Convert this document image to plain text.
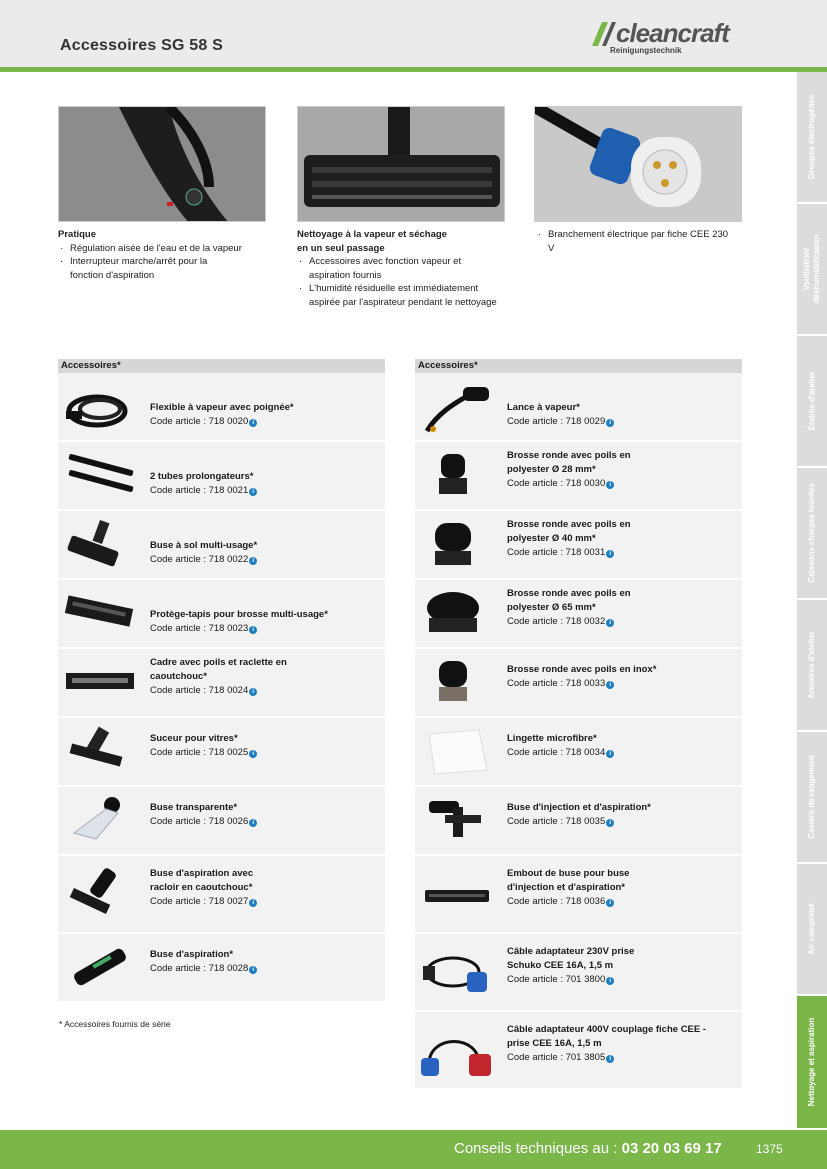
Accessoires SG 58 S	cleancraft
Reinigungstechnik
Groupes électrogènes
Ventilation/ déshumidification
Établis d'atelier
Caissons charges lourdes
Armoires d'atelier
Casiers de rangement
Air comprimé
Nettoyage et aspiration
Pratique
· Régulation aisée de l'eau et de la vapeur
· Interrupteur marche/arrêt pour la fonction d'aspiration
Nettoyage à la vapeur et séchage
en un seul passage
· Accessoires avec fonction vapeur et aspiration fournis
· L'humidité résiduelle est immédiatement aspirée par l'aspirateur pendant le nettoyage
· Branchement électrique par fiche CEE 230 V
Accessoires*
Flexible à vapeur avec poignée*
Code article : 718 0020 i
2 tubes prolongateurs*
Code article : 718 0021 i
Buse à sol multi-usage*
Code article : 718 0022 i
Protège-tapis pour brosse multi-usage*
Code article : 718 0023 i
Cadre avec poils et raclette en caoutchouc*
Code article : 718 0024 i
Suceur pour vitres*
Code article : 718 0025 i
Buse transparente*
Code article : 718 0026 i
Buse d'aspiration avec racloir en caoutchouc*
Code article : 718 0027 i
Buse d'aspiration*
Code article : 718 0028 i
* Accessoires fournis de série
Accessoires*
Lance à vapeur*
Code article : 718 0029 i
Brosse ronde avec poils en polyester Ø 28 mm*
Code article : 718 0030 i
Brosse ronde avec poils en polyester Ø 40 mm*
Code article : 718 0031 i
Brosse ronde avec poils en polyester Ø 65 mm*
Code article : 718 0032 i
Brosse ronde avec poils en inox*
Code article : 718 0033 i
Lingette microfibre*
Code article : 718 0034 i
Buse d'injection et d'aspiration*
Code article : 718 0035 i
Embout de buse pour buse d'injection et d'aspiration*
Code article : 718 0036 i
Câble adaptateur 230V prise Schuko CEE 16A, 1,5 m
Code article : 701 3800 i
Câble adaptateur 400V couplage fiche CEE - prise CEE 16A, 1,5 m
Code article : 701 3805 i
Conseils techniques au : 03 20 03 69 17	1375
